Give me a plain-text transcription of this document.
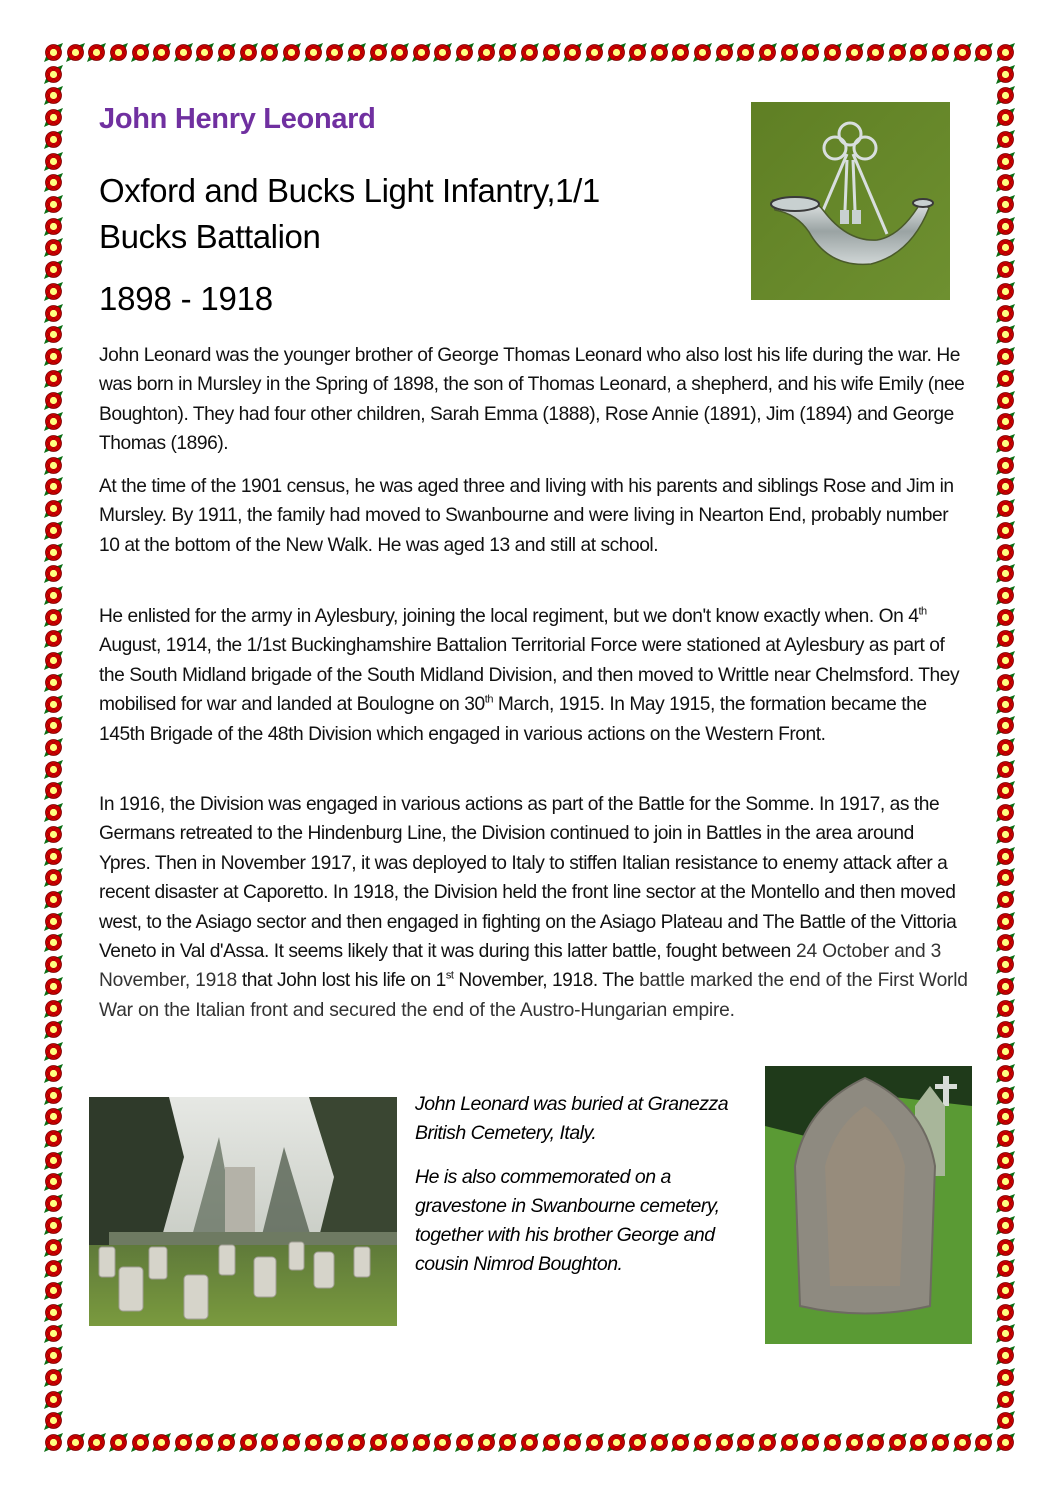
John Henry Leonard
Oxford and Bucks Light Infantry,1/1
Bucks Battalion
1898 - 1918

John Leonard was the younger brother of George Thomas Leonard who also lost his life during the war. He was born in Mursley in the Spring of 1898, the son of Thomas Leonard, a shepherd, and his wife Emily (nee Boughton). They had four other children, Sarah Emma (1888), Rose Annie (1891), Jim (1894) and George Thomas (1896).

At the time of the 1901 census, he was aged three and living with his parents and siblings Rose and Jim in Mursley. By 1911, the family had moved to Swanbourne and were living in Nearton End, probably number 10 at the bottom of the New Walk. He was aged 13 and still at school.

He enlisted for the army in Aylesbury, joining the local regiment, but we don't know exactly when. On 4th August, 1914, the 1/1st Buckinghamshire Battalion Territorial Force were stationed at Aylesbury as part of the South Midland brigade of the South Midland Division, and then moved to Writtle near Chelmsford. They mobilised for war and landed at Boulogne on 30th March, 1915. In May 1915, the formation became the 145th Brigade of the 48th Division which engaged in various actions on the Western Front.

In 1916, the Division was engaged in various actions as part of the Battle for the Somme. In 1917, as the Germans retreated to the Hindenburg Line, the Division continued to join in Battles in the area around Ypres. Then in November 1917, it was deployed to Italy to stiffen Italian resistance to enemy attack after a recent disaster at Caporetto. In 1918, the Division held the front line sector at the Montello and then moved west, to the Asiago sector and then engaged in fighting on the Asiago Plateau and The Battle of the Vittoria Veneto in Val d'Assa. It seems likely that it was during this latter battle, fought between 24 October and 3 November, 1918 that John lost his life on 1st November, 1918. The battle marked the end of the First World War on the Italian front and secured the end of the Austro-Hungarian empire.

John Leonard was buried at Granezza British Cemetery, Italy.

He is also commemorated on a gravestone in Swanbourne cemetery, together with his brother George and cousin Nimrod Boughton.
